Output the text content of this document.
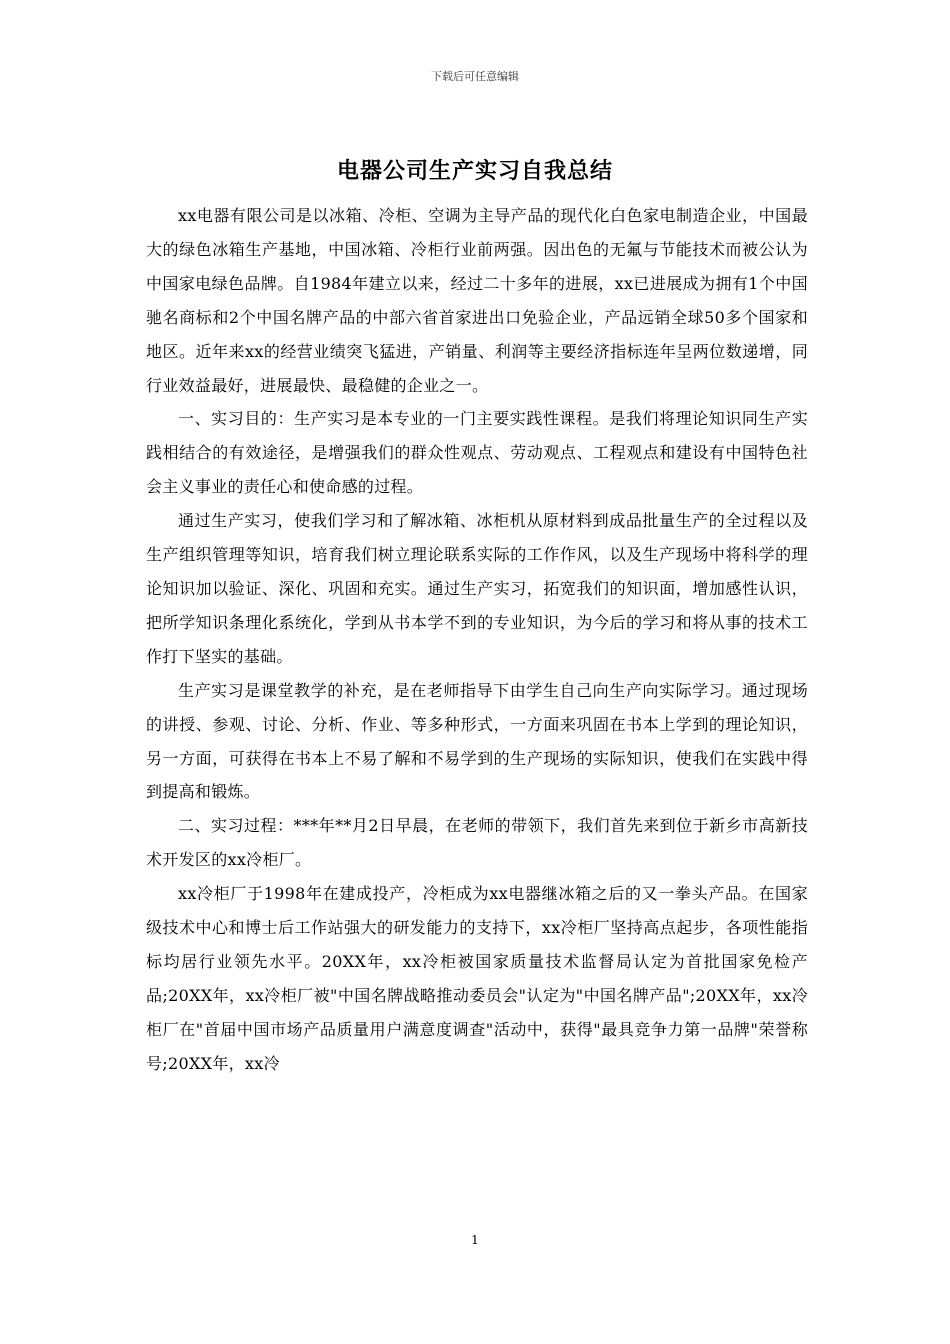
下载后可任意编辑
电器公司生产实习自我总结

xx电器有限公司是以冰箱、冷柜、空调为主导产品的现代化白色家电制造企业，中国最大的绿色冰箱生产基地，中国冰箱、冷柜行业前两强。因出色的无氟与节能技术而被公认为中国家电绿色品牌。自1984年建立以来，经过二十多年的进展，xx已进展成为拥有1个中国驰名商标和2个中国名牌产品的中部六省首家进出口免验企业，产品远销全球50多个国家和地区。近年来xx的经营业绩突飞猛进，产销量、利润等主要经济指标连年呈两位数递增，同行业效益最好，进展最快、最稳健的企业之一。

一、实习目的：生产实习是本专业的一门主要实践性课程。是我们将理论知识同生产实践相结合的有效途径，是增强我们的群众性观点、劳动观点、工程观点和建设有中国特色社会主义事业的责任心和使命感的过程。

通过生产实习，使我们学习和了解冰箱、冰柜机从原材料到成品批量生产的全过程以及生产组织管理等知识，培育我们树立理论联系实际的工作作风，以及生产现场中将科学的理论知识加以验证、深化、巩固和充实。通过生产实习，拓宽我们的知识面，增加感性认识，把所学知识条理化系统化，学到从书本学不到的专业知识，为今后的学习和将从事的技术工作打下坚实的基础。

生产实习是课堂教学的补充，是在老师指导下由学生自己向生产向实际学习。通过现场的讲授、参观、讨论、分析、作业、等多种形式，一方面来巩固在书本上学到的理论知识，另一方面，可获得在书本上不易了解和不易学到的生产现场的实际知识，使我们在实践中得到提高和锻炼。

二、实习过程：***年**月2日早晨，在老师的带领下，我们首先来到位于新乡市高新技术开发区的xx冷柜厂。

xx冷柜厂于1998年在建成投产，冷柜成为xx电器继冰箱之后的又一拳头产品。在国家级技术中心和博士后工作站强大的研发能力的支持下，xx冷柜厂坚持高点起步，各项性能指标均居行业领先水平。20XX年，xx冷柜被国家质量技术监督局认定为首批国家免检产品;20XX年，xx冷柜厂被"中国名牌战略推动委员会"认定为"中国名牌产品";20XX年，xx冷柜厂在"首届中国市场产品质量用户满意度调查"活动中，获得"最具竞争力第一品牌"荣誉称号;20XX年，xx冷

1
